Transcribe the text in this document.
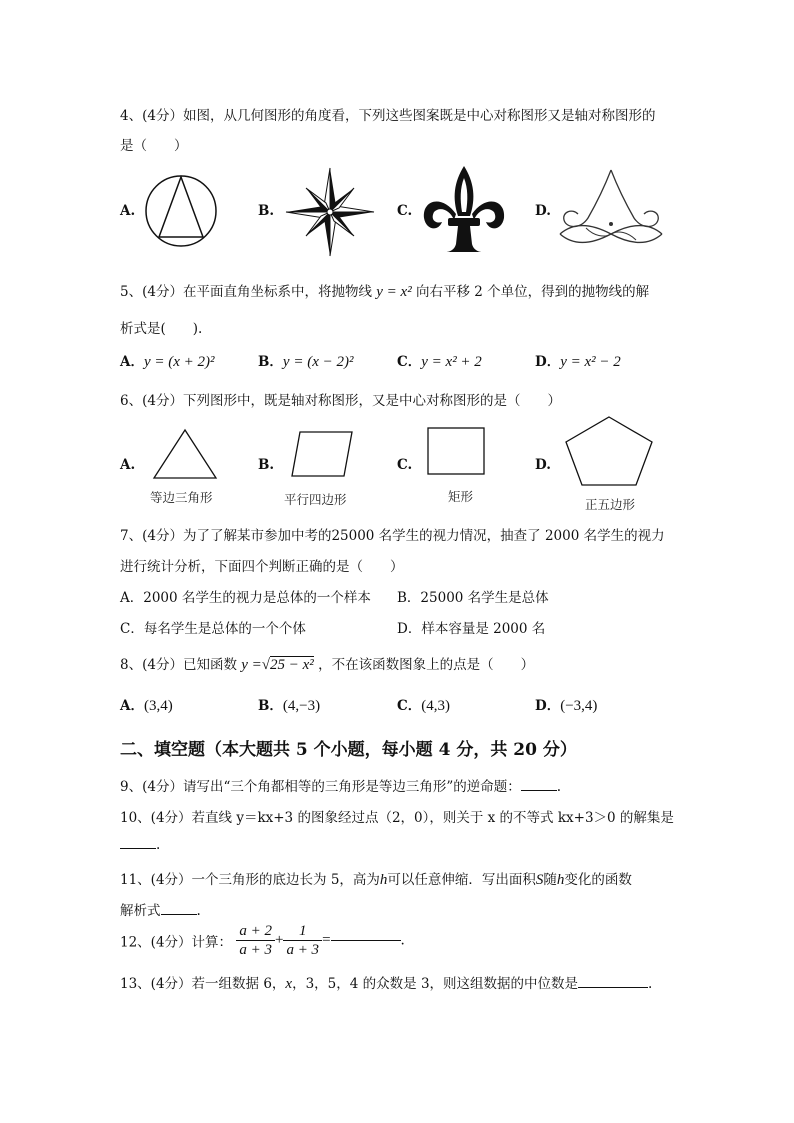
4、(4分）如图，从几何图形的角度看，下列这些图案既是中心对称图形又是轴对称图形的
是（　　）
A.	B.	C.	D.
5、(4分）在平面直角坐标系中，将抛物线 y = x² 向右平移 2 个单位，得到的抛物线的解
析式是(　　).
A．y = (x + 2)²	B．y = (x − 2)²	C．y = x² + 2	D．y = x² − 2
6、(4分）下列图形中，既是轴对称图形，又是中心对称图形的是（　　）
A.
等边三角形
B.
平行四边形
C.
矩形
D.
正五边形
7、(4分）为了了解某市参加中考的25000 名学生的视力情况，抽查了 2000 名学生的视力
进行统计分析，下面四个判断正确的是（　　）
A．2000 名学生的视力是总体的一个样本 B．25000 名学生是总体
C．每名学生是总体的一个个体	D．样本容量是 2000 名
8、(4分）已知函数 y =√25 − x² ，不在该函数图象上的点是（　　）
A．(3,4)	B．(4,−3)	C．(4,3)	D．(−3,4)
二、填空题（本大题共 5 个小题，每小题 4 分，共 20 分）
9、(4分）请写出“三个角都相等的三角形是等边三角形”的逆命题：	.
10、(4分）若直线 y＝kx+3 的图象经过点（2，0），则关于 x 的不等式 kx+3＞0 的解集是
.
11、(4分）一个三角形的底边长为 5，高为h可以任意伸缩．写出面积S随h变化的函数
解析式	.
12、(4分）计算： $\frac{a + 2}{a + 3} + \frac{1}{a + 3}$ =	.
13、(4分）若一组数据 6，x，3，5，4 的众数是 3，则这组数据的中位数是	.
